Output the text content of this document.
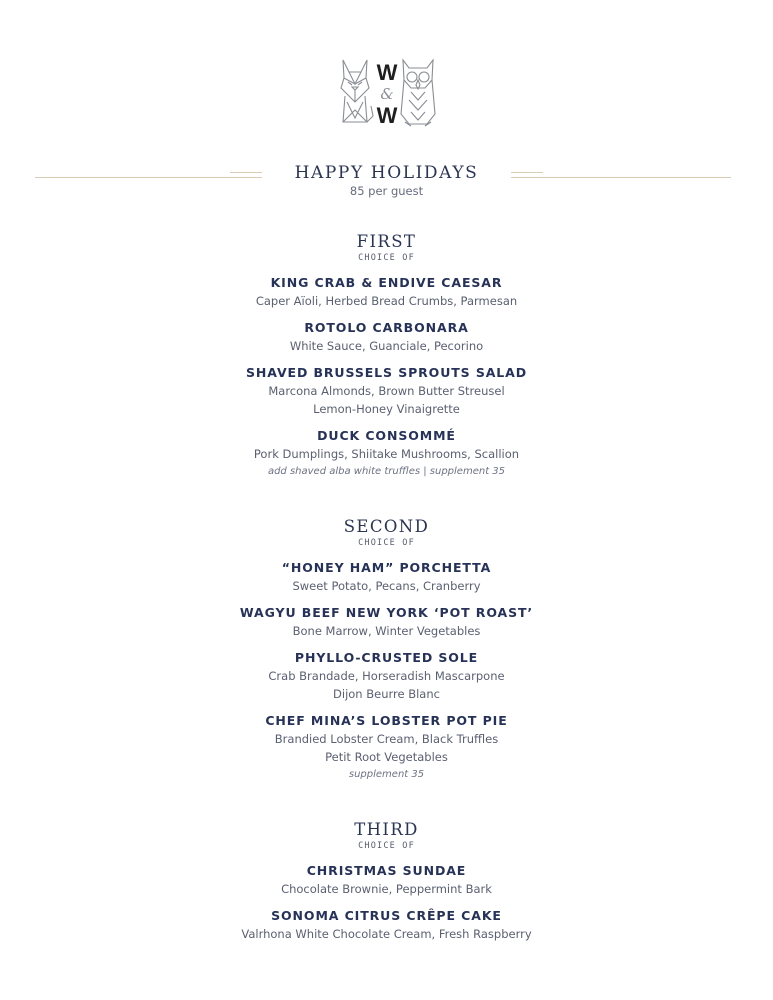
W
&
W
HAPPY HOLIDAYS
85 per guest
FIRST
CHOICE OF
KING CRAB & ENDIVE CAESAR
Caper Aïoli, Herbed Bread Crumbs, Parmesan
ROTOLO CARBONARA
White Sauce, Guanciale, Pecorino
SHAVED BRUSSELS SPROUTS SALAD
Marcona Almonds, Brown Butter Streusel
Lemon-Honey Vinaigrette
DUCK CONSOMMÉ
Pork Dumplings, Shiitake Mushrooms, Scallion
add shaved alba white truffles | supplement 35
SECOND
CHOICE OF
“HONEY HAM” PORCHETTA
Sweet Potato, Pecans, Cranberry
WAGYU BEEF NEW YORK ‘POT ROAST’
Bone Marrow, Winter Vegetables
PHYLLO-CRUSTED SOLE
Crab Brandade, Horseradish Mascarpone
Dijon Beurre Blanc
CHEF MINA’S LOBSTER POT PIE
Brandied Lobster Cream, Black Truffles
Petit Root Vegetables
supplement 35
THIRD
CHOICE OF
CHRISTMAS SUNDAE
Chocolate Brownie, Peppermint Bark
SONOMA CITRUS CRÊPE CAKE
Valrhona White Chocolate Cream, Fresh Raspberry
